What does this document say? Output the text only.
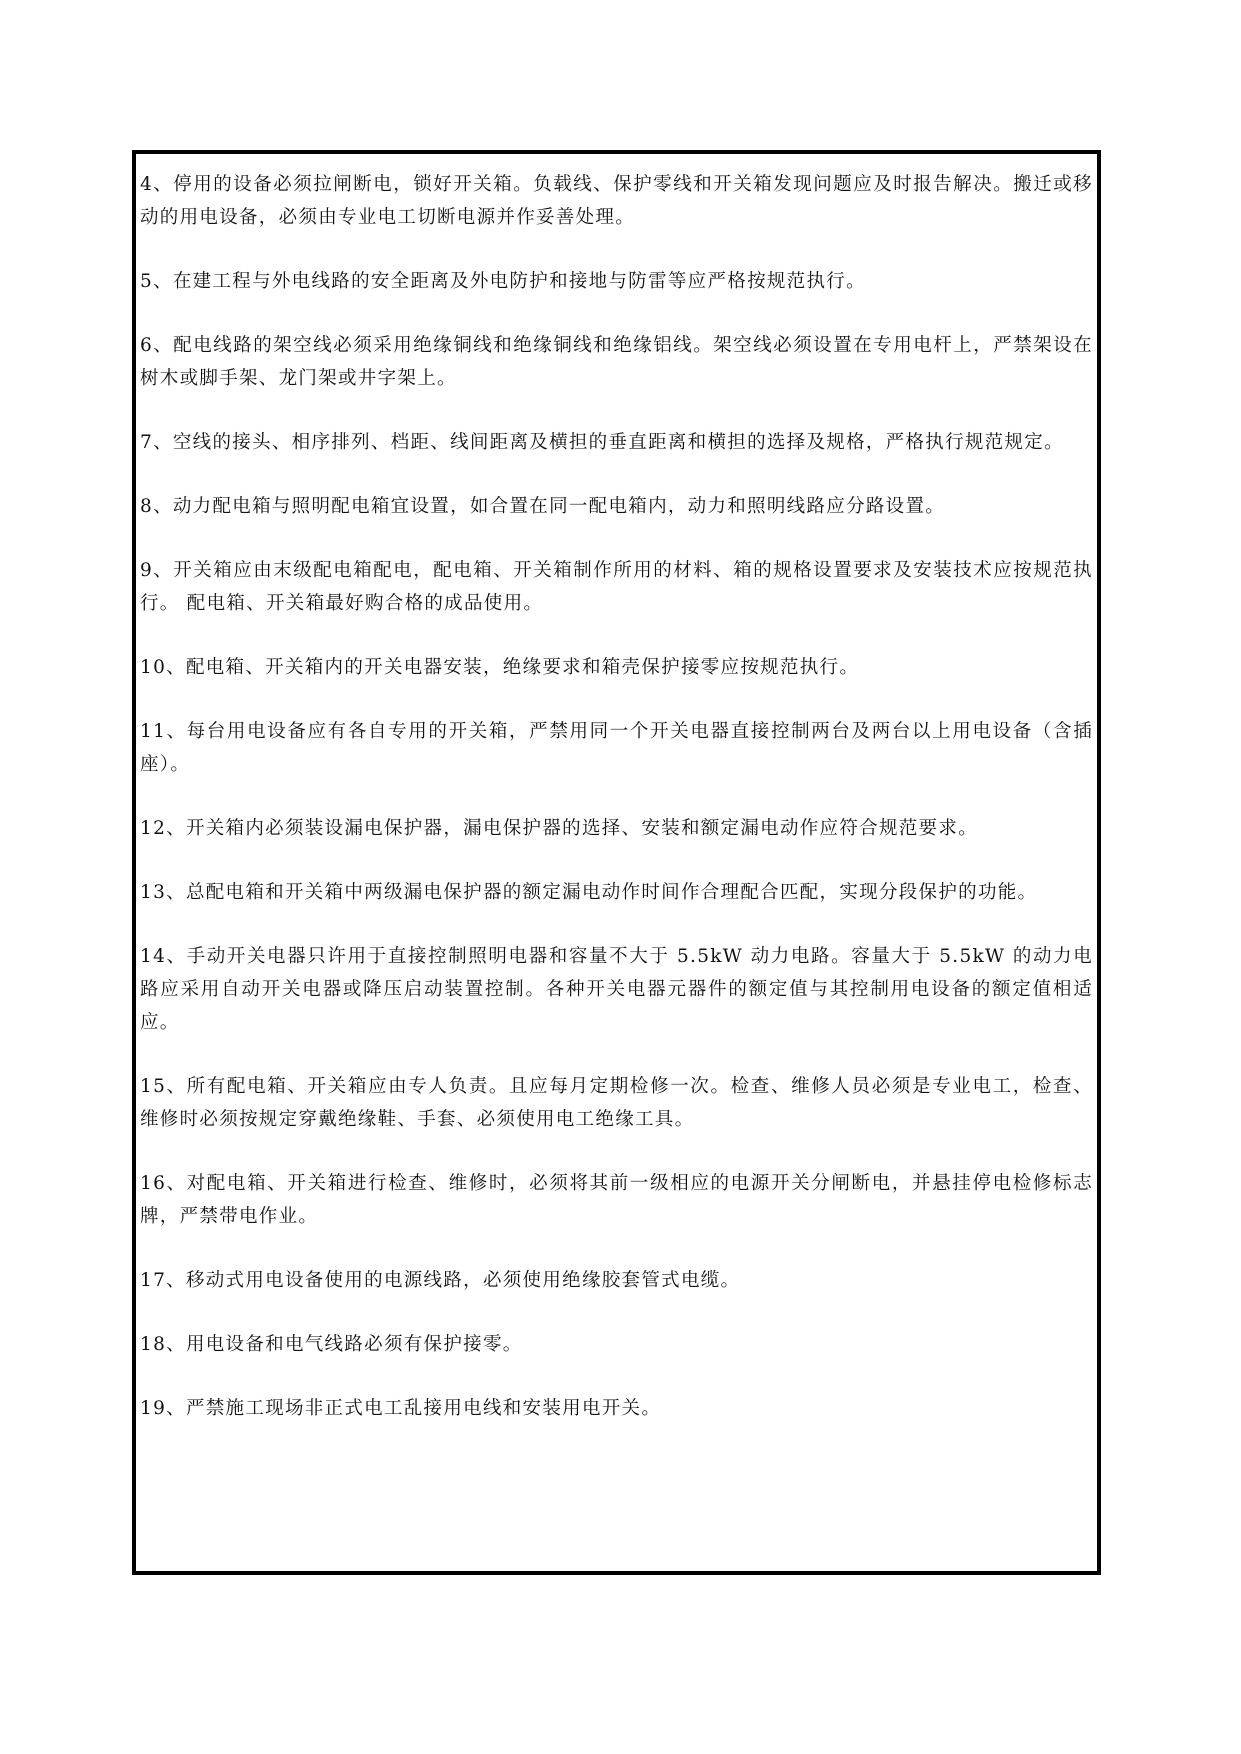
4、停用的设备必须拉闸断电，锁好开关箱。负载线、保护零线和开关箱发现问题应及时报告解决。搬迁或移动的用电设备，必须由专业电工切断电源并作妥善处理。
5、在建工程与外电线路的安全距离及外电防护和接地与防雷等应严格按规范执行。
6、配电线路的架空线必须采用绝缘铜线和绝缘铜线和绝缘铝线。架空线必须设置在专用电杆上，严禁架设在树木或脚手架、龙门架或井字架上。
7、空线的接头、相序排列、档距、线间距离及横担的垂直距离和横担的选择及规格，严格执行规范规定。
8、动力配电箱与照明配电箱宜设置，如合置在同一配电箱内，动力和照明线路应分路设置。
9、开关箱应由末级配电箱配电，配电箱、开关箱制作所用的材料、箱的规格设置要求及安装技术应按规范执行。 配电箱、开关箱最好购合格的成品使用。
10、配电箱、开关箱内的开关电器安装，绝缘要求和箱壳保护接零应按规范执行。
11、每台用电设备应有各自专用的开关箱，严禁用同一个开关电器直接控制两台及两台以上用电设备（含插座）。
12、开关箱内必须装设漏电保护器，漏电保护器的选择、安装和额定漏电动作应符合规范要求。
13、总配电箱和开关箱中两级漏电保护器的额定漏电动作时间作合理配合匹配，实现分段保护的功能。
14、手动开关电器只许用于直接控制照明电器和容量不大于 5.5kW 动力电路。容量大于 5.5kW 的动力电路应采用自动开关电器或降压启动装置控制。各种开关电器元器件的额定值与其控制用电设备的额定值相适应。
15、所有配电箱、开关箱应由专人负责。且应每月定期检修一次。检查、维修人员必须是专业电工，检查、维修时必须按规定穿戴绝缘鞋、手套、必须使用电工绝缘工具。
16、对配电箱、开关箱进行检查、维修时，必须将其前一级相应的电源开关分闸断电，并悬挂停电检修标志牌，严禁带电作业。
17、移动式用电设备使用的电源线路，必须使用绝缘胶套管式电缆。
18、用电设备和电气线路必须有保护接零。
19、严禁施工现场非正式电工乱接用电线和安装用电开关。
